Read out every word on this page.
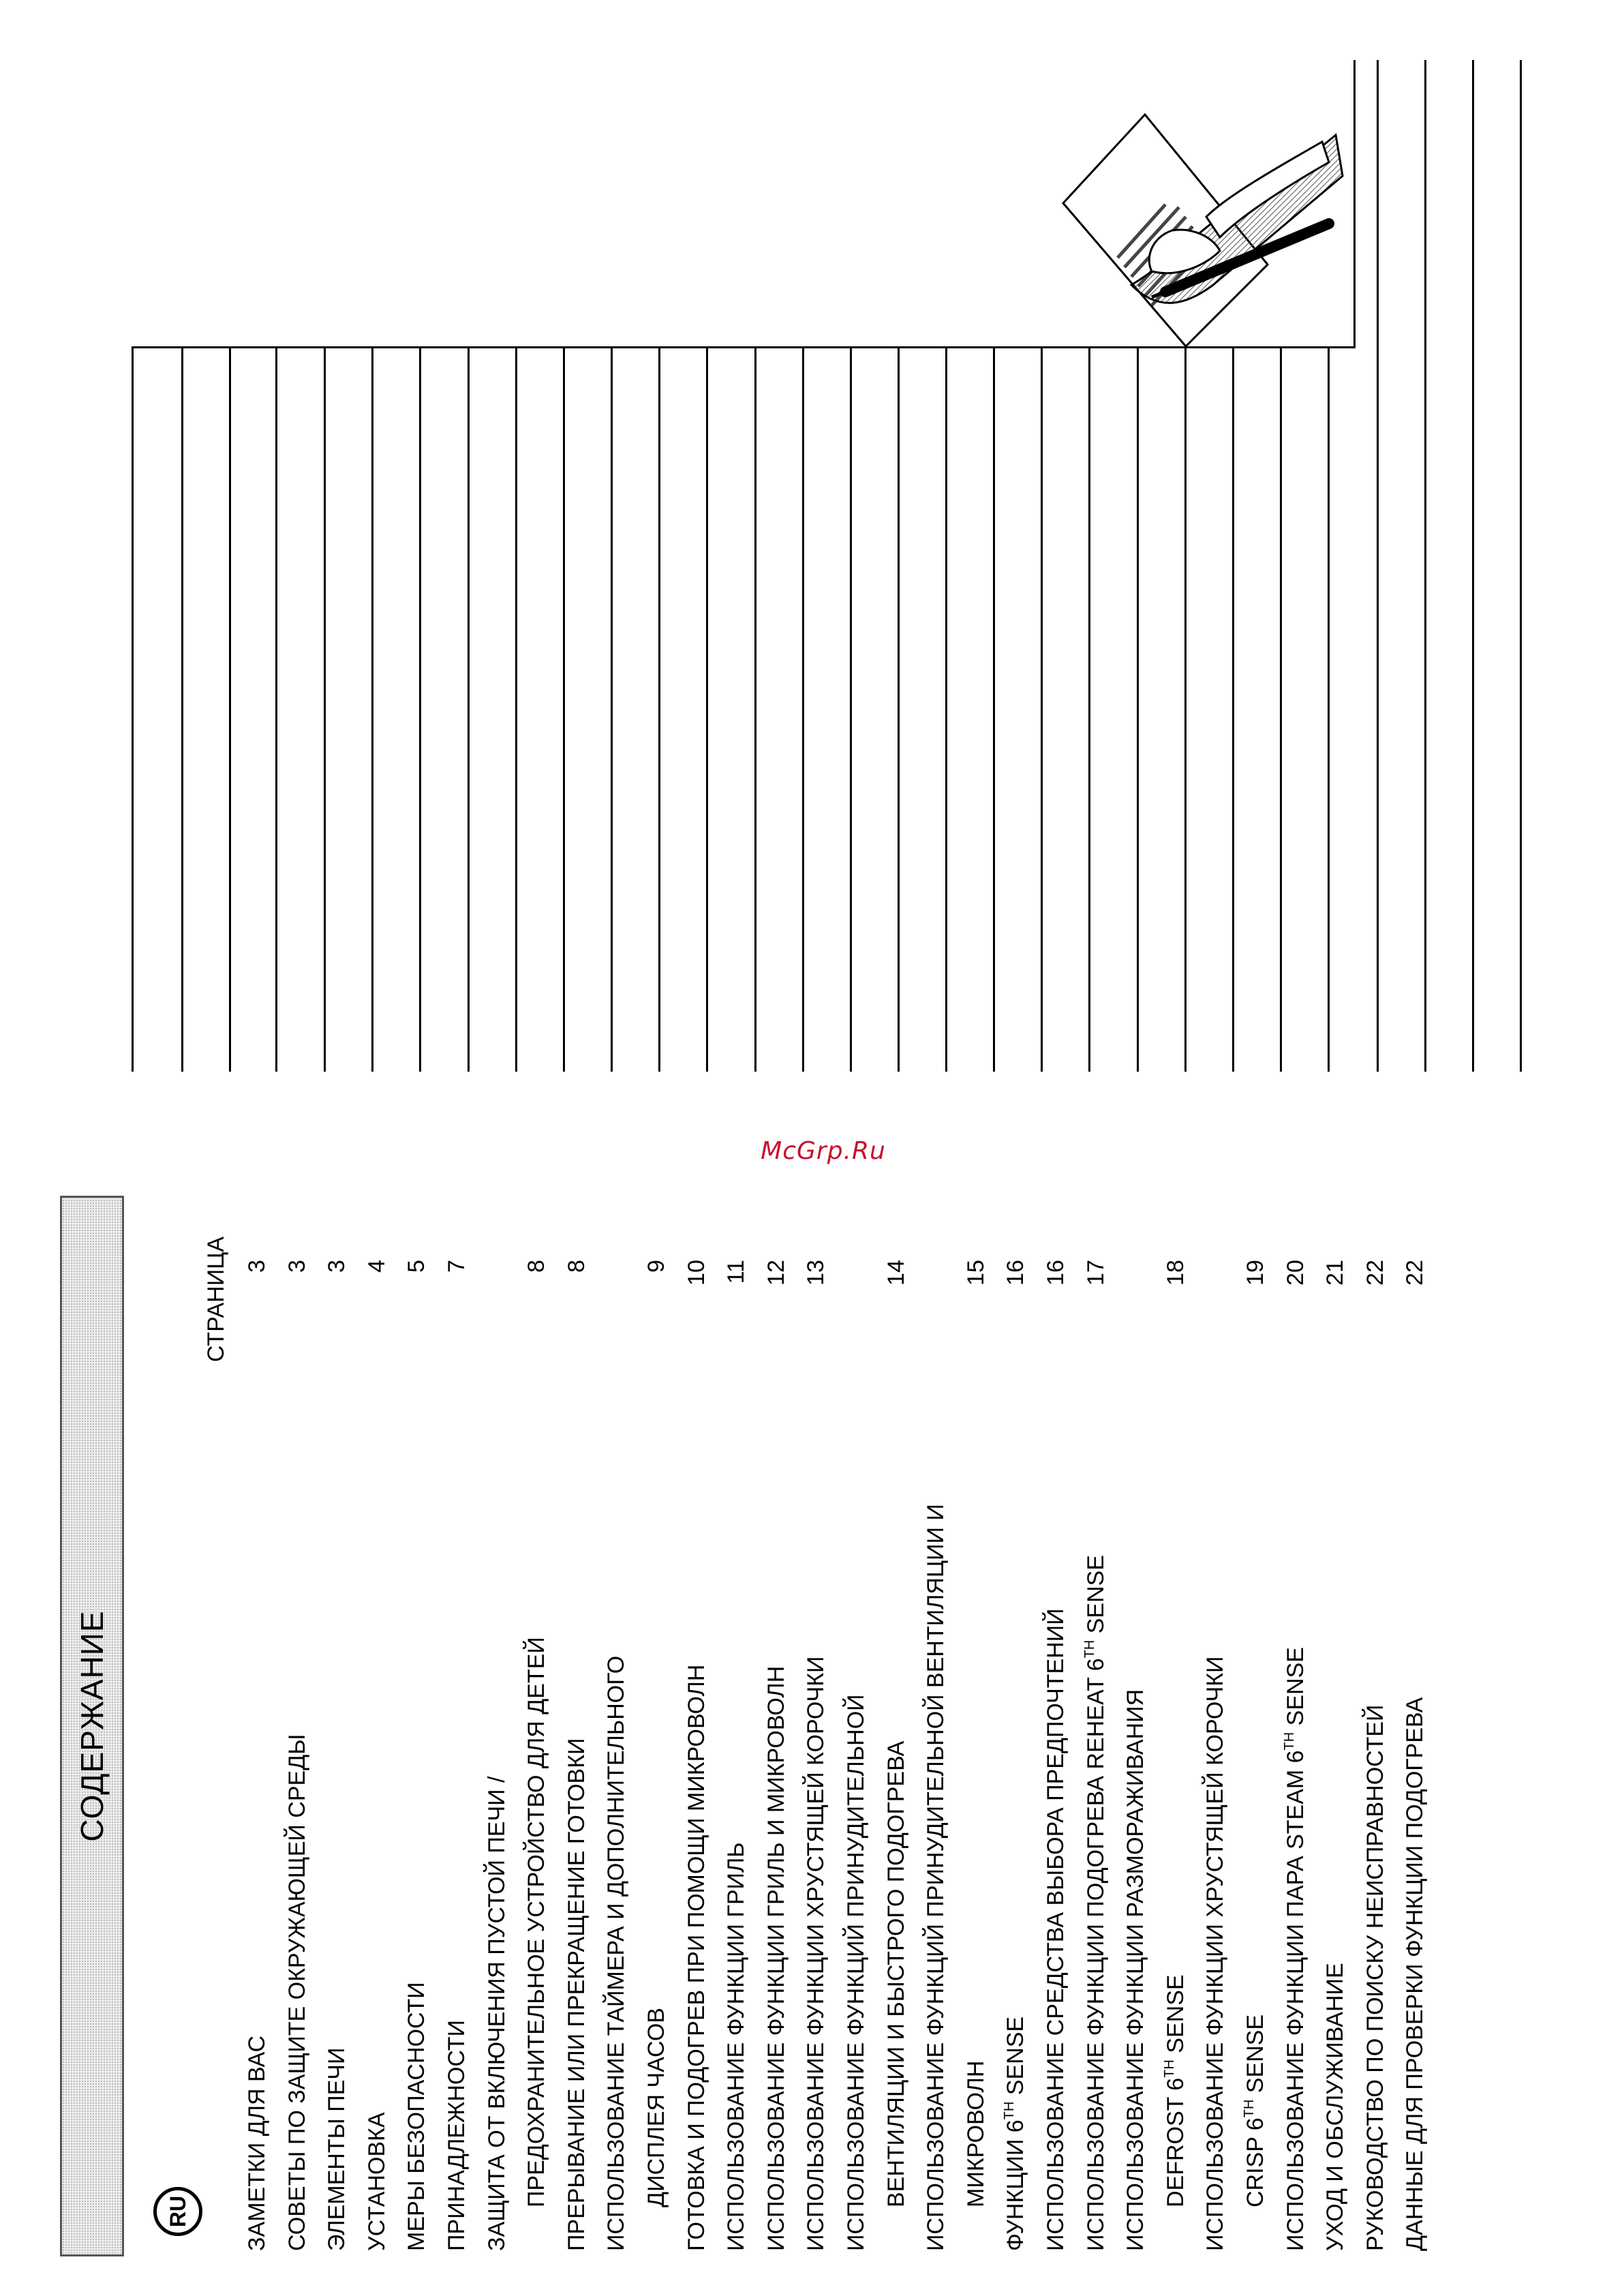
СОДЕРЖАНИЕ
RU
СТРАНИЦА
ЗАМЕТКИ ДЛЯ ВАС
3
СОВЕТЫ ПО ЗАЩИТЕ ОКРУЖАЮЩЕЙ СРЕДЫ
3
ЭЛЕМЕНТЫ ПЕЧИ
3
УСТАНОВКА
4
МЕРЫ БЕЗОПАСНОСТИ
5
ПРИНАДЛЕЖНОСТИ
7
ЗАЩИТА ОТ ВКЛЮЧЕНИЯ ПУСТОЙ ПЕЧИ / ПРЕДОХРАНИТЕЛЬНОЕ УСТРОЙСТВО ДЛЯ ДЕТЕЙ
8
ПРЕРЫВАНИЕ ИЛИ ПРЕКРАЩЕНИЕ ГОТОВКИ
8
ИСПОЛЬЗОВАНИЕ ТАЙМЕРА И ДОПОЛНИТЕЛЬНОГО ДИСПЛЕЯ ЧАСОВ
9
ГОТОВКА И ПОДОГРЕВ ПРИ ПОМОЩИ МИКРОВОЛН
10
ИСПОЛЬЗОВАНИЕ ФУНКЦИИ ГРИЛЬ
11
ИСПОЛЬЗОВАНИЕ ФУНКЦИИ ГРИЛЬ И МИКРОВОЛН
12
ИСПОЛЬЗОВАНИЕ ФУНКЦИИ ХРУСТЯЩЕЙ КОРОЧКИ
13
ИСПОЛЬЗОВАНИЕ ФУНКЦИЙ ПРИНУДИТЕЛЬНОЙ ВЕНТИЛЯЦИИ И БЫСТРОГО ПОДОГРЕВА
14
ИСПОЛЬЗОВАНИЕ ФУНКЦИЙ ПРИНУДИТЕЛЬНОЙ ВЕНТИЛЯЦИИ И МИКРОВОЛН
15
ФУНКЦИИ 6TH SENSE
16
ИСПОЛЬЗОВАНИЕ СРЕДСТВА ВЫБОРА ПРЕДПОЧТЕНИЙ
16
ИСПОЛЬЗОВАНИЕ ФУНКЦИИ ПОДОГРЕВА REHEAT 6TH SENSE
17
ИСПОЛЬЗОВАНИЕ ФУНКЦИИ РАЗМОРАЖИВАНИЯ DEFROST 6TH SENSE
18
ИСПОЛЬЗОВАНИЕ ФУНКЦИИ ХРУСТЯЩЕЙ КОРОЧКИ CRISP 6TH SENSE
19
ИСПОЛЬЗОВАНИЕ ФУНКЦИИ ПАРА STEAM 6TH SENSE
20
УХОД И ОБСЛУЖИВАНИЕ
21
РУКОВОДСТВО ПО ПОИСКУ НЕИСПРАВНОСТЕЙ
22
ДАННЫЕ ДЛЯ ПРОВЕРКИ ФУНКЦИИ ПОДОГРЕВА
22
McGrp.Ru
